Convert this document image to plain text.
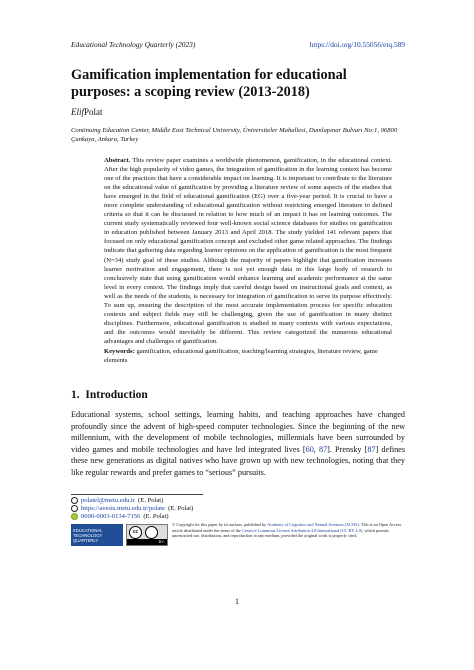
Educational Technology Quarterly (2023)	https://doi.org/10.55056/etq.589
Gamification implementation for educational purposes: a scoping review (2013-2018)
ElifPolat
Continuing Education Center, Middle East Technical University, Üniversiteler Mahallesi, Dumlupınar Bulvarı No:1, 06800 Çankaya, Ankara, Turkey
Abstract. This review paper examines a worldwide phenomenon, gamification, in the educational context. After the high popularity of video games, the integration of gamification in the learning context has become one of the practices that have a considerable impact on learning. It is important to contribute to the literature on the educational value of gamification by providing a literature review of some aspects of the studies that have emerged in the field of educational gamification (EG) over a five-year period. It is crucial to have a more complete understanding of educational gamification without restricting emerged literature to defined criteria so that it can be discussed in relation to how much of an impact it has on learning outcomes. The current study systematically reviewed four well-known social science databases for studies on gamification in education published between January 2013 and April 2018. The study yielded 141 relevant papers that focused on only educational gamification concept and excluded other game related approaches. The findings indicate that gathering data regarding learner opinions on the application of gamification is the most frequent (N=34) study goal of these studies. Although the majority of papers highlight that gamification increases learner motivation and engagement, there is not yet enough data in this large body of research to conclusively state that using gamification would enhance learning and academic performance at the same level in every context. The findings imply that careful design based on instructional goals and context, as well as the needs of the students, is necessary for integration of gamification to serve its purpose effectively. To sum up, ensuring the description of the most accurate implementation process for specific education contexts and subject fields may still be challenging, given the use of gamification in many distinct disciplines. Furthermore, educational gamification is studied in many contexts with various expectations, and the outcomes would inevitably be different. This review categorized the numerous educational advantages and challenges of gamification.
Keywords: gamification, educational gamification, teaching/learning strategies, literature review, game elements
1. Introduction
Educational systems, school settings, learning habits, and teaching approaches have changed profoundly since the advent of high-speed computer technologies. Since the beginning of the new millennium, with the development of mobile technologies, millennials have been surrounded by video games and mobile technologies and have led integrated lives [60, 87]. Prensky [87] defines these new generations as digital natives who have grown up with new technologies, noting that they like regular rewards and prefer games to “serious” pursuits.
polatel@metu.edu.tr (E. Polat)
https://avesis.metu.edu.tr/polate (E. Polat)
0000-0003-0134-7156 (E. Polat)
EDUCATIONAL TECHNOLOGY QUARTERLY
cc
BY
© Copyright for this paper by its authors, published by Academy of Cognitive and Natural Sciences (ACNS). This is an Open Access article distributed under the terms of the Creative Commons License Attribution 4.0 International (CC BY 4.0), which permits unrestricted use, distribution, and reproduction in any medium, provided the original work is properly cited.
1
